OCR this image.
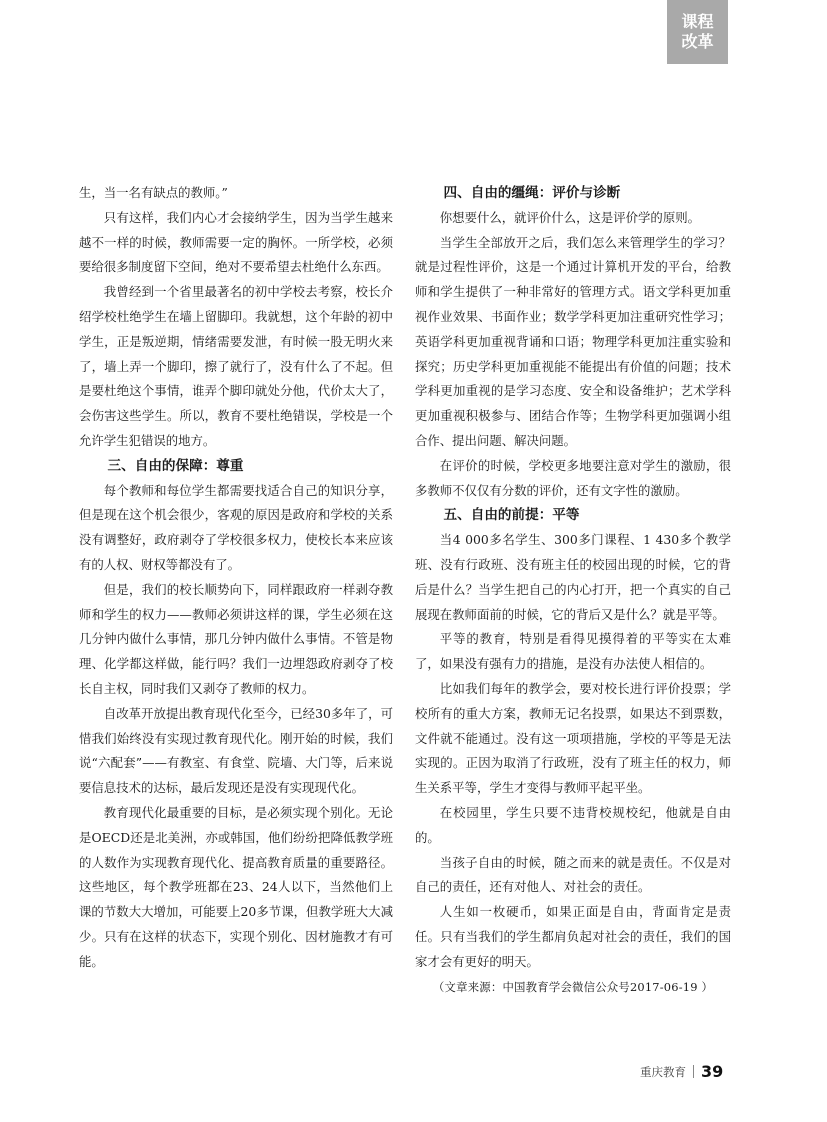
课程
改革

生，当一名有缺点的教师。”

只有这样，我们内心才会接纳学生，因为当学生越来越不一样的时候，教师需要一定的胸怀。一所学校，必须要给很多制度留下空间，绝对不要希望去杜绝什么东西。

我曾经到一个省里最著名的初中学校去考察，校长介绍学校杜绝学生在墙上留脚印。我就想，这个年龄的初中学生，正是叛逆期，情绪需要发泄，有时候一股无明火来了，墙上弄一个脚印，擦了就行了，没有什么了不起。但是要杜绝这个事情，谁弄个脚印就处分他，代价太大了，会伤害这些学生。所以，教育不要杜绝错误，学校是一个允许学生犯错误的地方。

三、自由的保障：尊重

每个教师和每位学生都需要找适合自己的知识分享，但是现在这个机会很少，客观的原因是政府和学校的关系没有调整好，政府剥夺了学校很多权力，使校长本来应该有的人权、财权等都没有了。

但是，我们的校长顺势向下，同样跟政府一样剥夺教师和学生的权力——教师必须讲这样的课，学生必须在这几分钟内做什么事情，那几分钟内做什么事情。不管是物理、化学都这样做，能行吗？我们一边埋怨政府剥夺了校长自主权，同时我们又剥夺了教师的权力。

自改革开放提出教育现代化至今，已经30多年了，可惜我们始终没有实现过教育现代化。刚开始的时候，我们说“六配套”——有教室、有食堂、院墙、大门等，后来说要信息技术的达标，最后发现还是没有实现现代化。

教育现代化最重要的目标，是必须实现个别化。无论是OECD还是北美洲，亦或韩国，他们纷纷把降低教学班的人数作为实现教育现代化、提高教育质量的重要路径。这些地区，每个教学班都在23、24人以下，当然他们上课的节数大大增加，可能要上20多节课，但教学班大大减少。只有在这样的状态下，实现个别化、因材施教才有可能。

四、自由的缰绳：评价与诊断

你想要什么，就评价什么，这是评价学的原则。

当学生全部放开之后，我们怎么来管理学生的学习？就是过程性评价，这是一个通过计算机开发的平台，给教师和学生提供了一种非常好的管理方式。语文学科更加重视作业效果、书面作业；数学学科更加注重研究性学习；英语学科更加重视背诵和口语；物理学科更加注重实验和探究；历史学科更加重视能不能提出有价值的问题；技术学科更加重视的是学习态度、安全和设备维护；艺术学科更加重视积极参与、团结合作等；生物学科更加强调小组合作、提出问题、解决问题。

在评价的时候，学校更多地要注意对学生的激励，很多教师不仅仅有分数的评价，还有文字性的激励。

五、自由的前提：平等

当4 000多名学生、300多门课程、1 430多个教学班、没有行政班、没有班主任的校园出现的时候，它的背后是什么？当学生把自己的内心打开，把一个真实的自己展现在教师面前的时候，它的背后又是什么？就是平等。

平等的教育，特别是看得见摸得着的平等实在太难了，如果没有强有力的措施，是没有办法使人相信的。

比如我们每年的教学会，要对校长进行评价投票；学校所有的重大方案，教师无记名投票，如果达不到票数，文件就不能通过。没有这一项项措施，学校的平等是无法实现的。正因为取消了行政班，没有了班主任的权力，师生关系平等，学生才变得与教师平起平坐。

在校园里，学生只要不违背校规校纪，他就是自由的。

当孩子自由的时候，随之而来的就是责任。不仅是对自己的责任，还有对他人、对社会的责任。

人生如一枚硬币，如果正面是自由，背面肯定是责任。只有当我们的学生都肩负起对社会的责任，我们的国家才会有更好的明天。

（文章来源：中国教育学会微信公众号2017-06-19 ）

重庆教育 39
